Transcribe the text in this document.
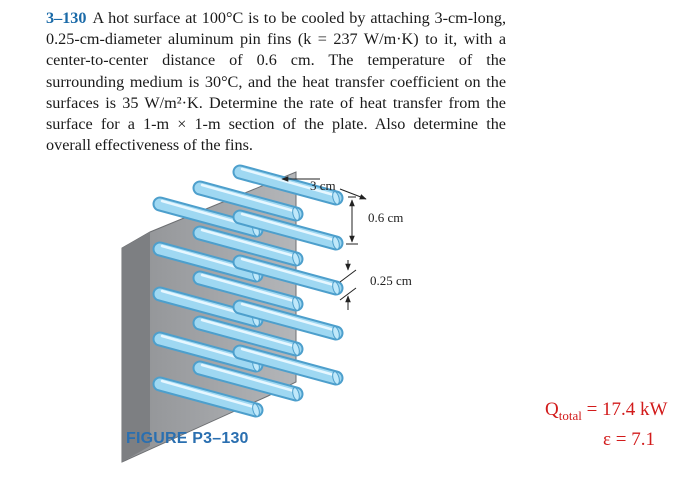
3–130 A hot surface at 100°C is to be cooled by attaching 3-cm-long, 0.25-cm-diameter aluminum pin fins (k = 237 W/m·K) to it, with a center-to-center distance of 0.6 cm. The temperature of the surrounding medium is 30°C, and the heat transfer coefficient on the surfaces is 35 W/m²·K. Determine the rate of heat transfer from the surface for a 1-m × 1-m section of the plate. Also determine the overall effectiveness of the fins.

3 cm
0.6 cm
0.25 cm
FIGURE P3–130
$Q_{total} = 17.4$ kW
ε = 7.1
